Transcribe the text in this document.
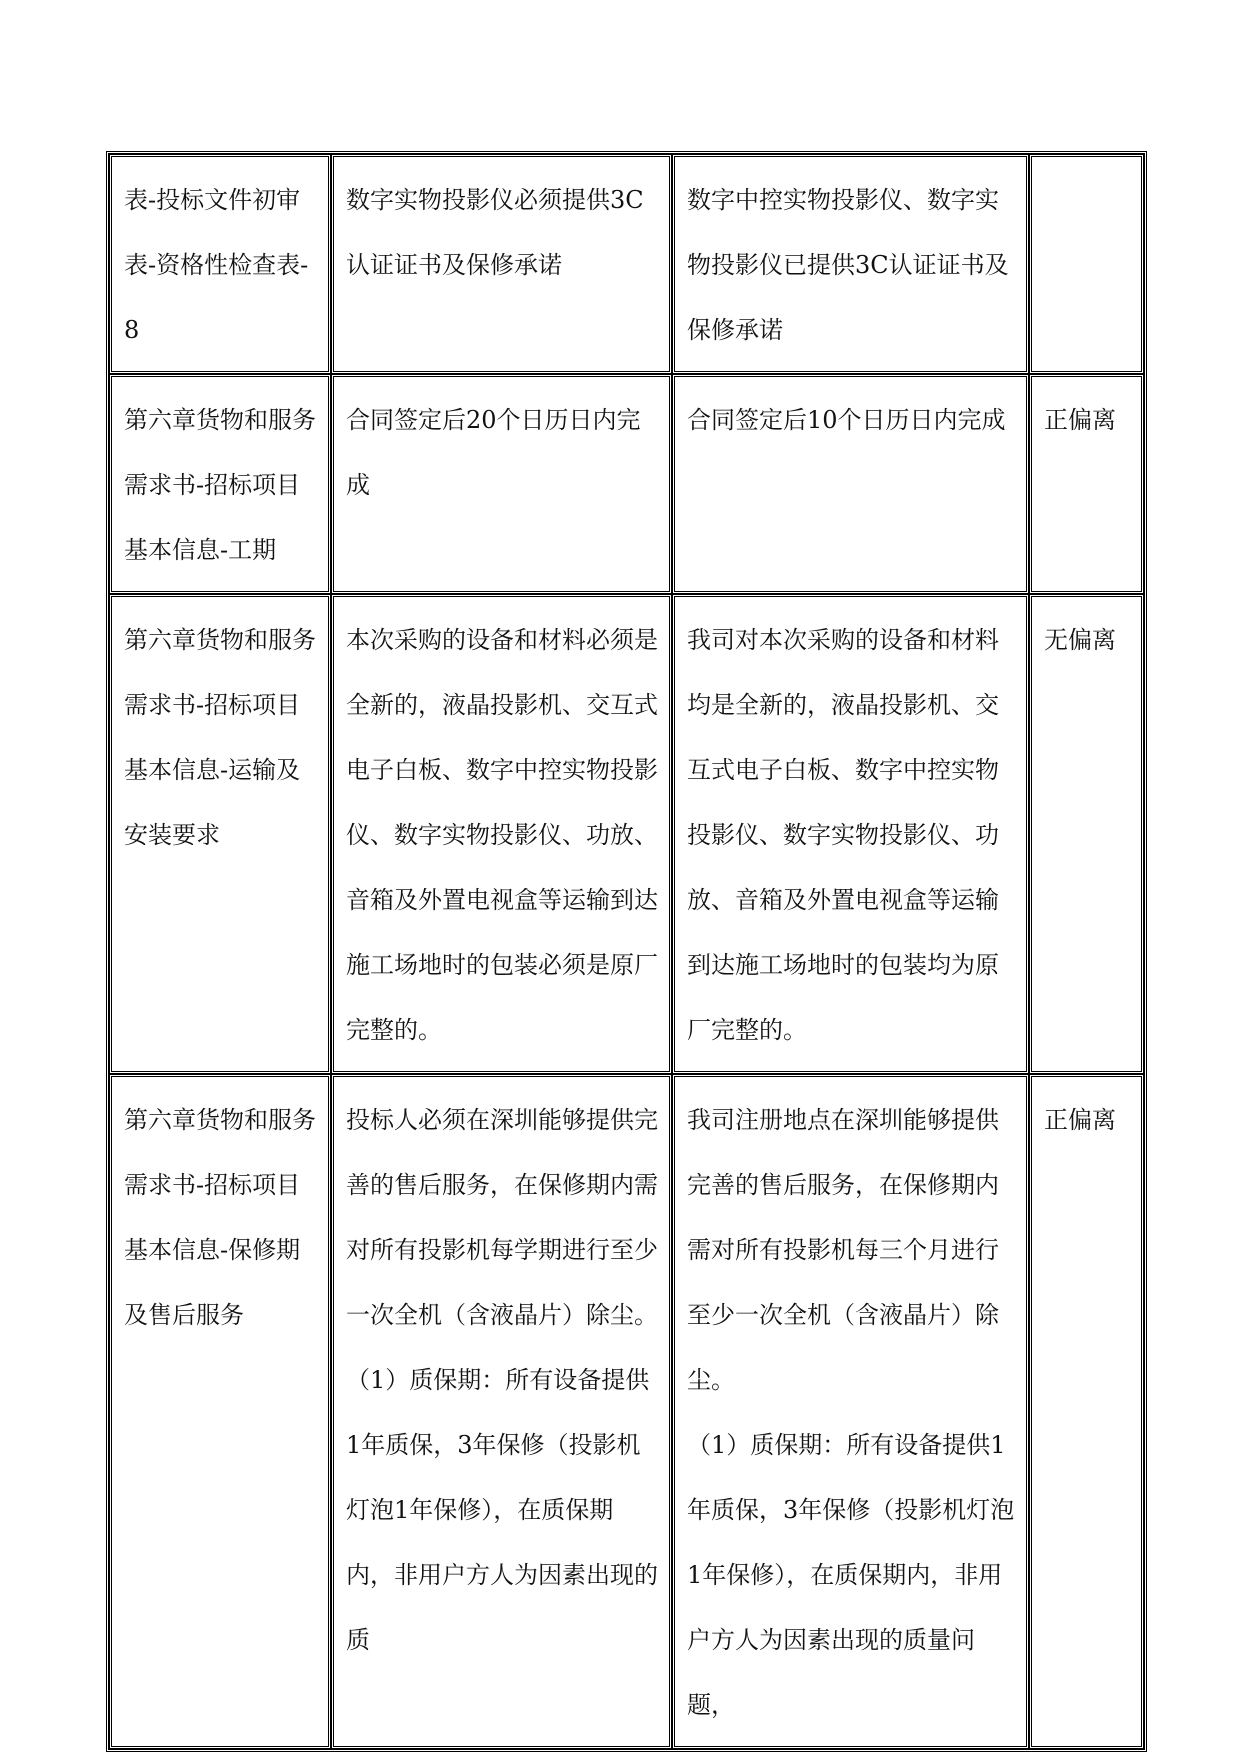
表-投标文件初审表-资格性检查表-8	数字实物投影仪必须提供3C认证证书及保修承诺	数字中控实物投影仪、数字实物投影仪已提供3C认证证书及保修承诺	

第六章货物和服务需求书-招标项目基本信息-工期	合同签定后20个日历日内完成	合同签定后10个日历日内完成	正偏离

第六章货物和服务需求书-招标项目基本信息-运输及安装要求	本次采购的设备和材料必须是全新的，液晶投影机、交互式电子白板、数字中控实物投影仪、数字实物投影仪、功放、音箱及外置电视盒等运输到达施工场地时的包装必须是原厂完整的。	我司对本次采购的设备和材料均是全新的，液晶投影机、交互式电子白板、数字中控实物投影仪、数字实物投影仪、功放、音箱及外置电视盒等运输到达施工场地时的包装均为原厂完整的。	无偏离

第六章货物和服务需求书-招标项目基本信息-保修期及售后服务	投标人必须在深圳能够提供完善的售后服务，在保修期内需对所有投影机每学期进行至少一次全机（含液晶片）除尘。
（1）质保期：所有设备提供1年质保，3年保修（投影机灯泡1年保修），在质保期内，非用户方人为因素出现的质	我司注册地点在深圳能够提供完善的售后服务，在保修期内需对所有投影机每三个月进行至少一次全机（含液晶片）除尘。
（1）质保期：所有设备提供1年质保，3年保修（投影机灯泡1年保修），在质保期内，非用户方人为因素出现的质量问题，	正偏离
